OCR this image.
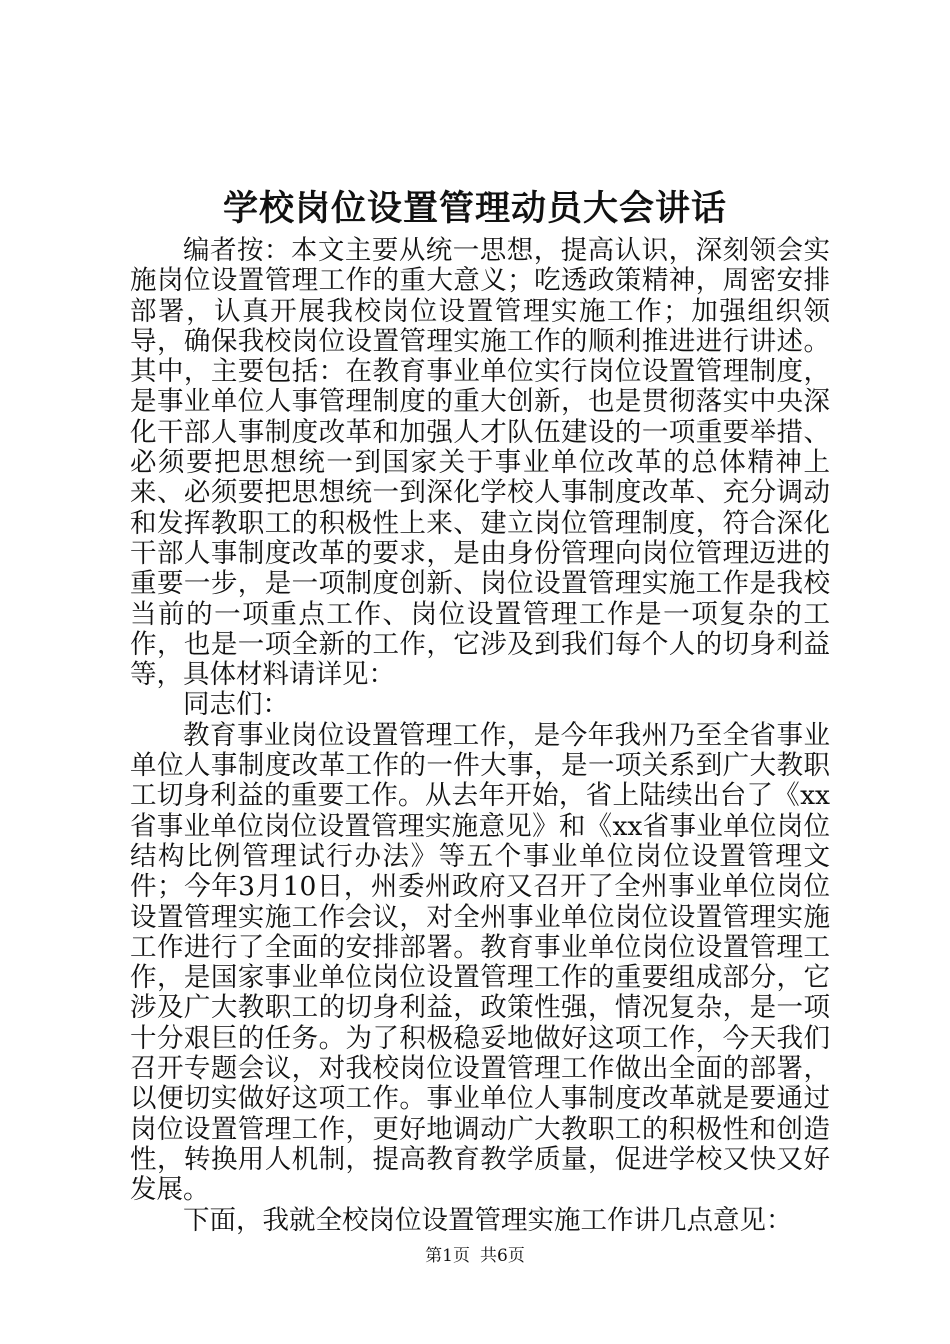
学校岗位设置管理动员大会讲话

编者按：本文主要从统一思想，提高认识，深刻领会实施岗位设置管理工作的重大意义；吃透政策精神，周密安排部署，认真开展我校岗位设置管理实施工作；加强组织领导，确保我校岗位设置管理实施工作的顺利推进进行讲述。其中，主要包括：在教育事业单位实行岗位设置管理制度，是事业单位人事管理制度的重大创新，也是贯彻落实中央深化干部人事制度改革和加强人才队伍建设的一项重要举措、必须要把思想统一到国家关于事业单位改革的总体精神上来、必须要把思想统一到深化学校人事制度改革、充分调动和发挥教职工的积极性上来、建立岗位管理制度，符合深化干部人事制度改革的要求，是由身份管理向岗位管理迈进的重要一步，是一项制度创新、岗位设置管理实施工作是我校当前的一项重点工作、岗位设置管理工作是一项复杂的工作，也是一项全新的工作，它涉及到我们每个人的切身利益等，具体材料请详见：

同志们：

教育事业岗位设置管理工作，是今年我州乃至全省事业单位人事制度改革工作的一件大事，是一项关系到广大教职工切身利益的重要工作。从去年开始，省上陆续出台了《xx省事业单位岗位设置管理实施意见》和《xx省事业单位岗位结构比例管理试行办法》等五个事业单位岗位设置管理文件；今年3月10日，州委州政府又召开了全州事业单位岗位设置管理实施工作会议，对全州事业单位岗位设置管理实施工作进行了全面的安排部署。教育事业单位岗位设置管理工作，是国家事业单位岗位设置管理工作的重要组成部分，它涉及广大教职工的切身利益，政策性强，情况复杂，是一项十分艰巨的任务。为了积极稳妥地做好这项工作，今天我们召开专题会议，对我校岗位设置管理工作做出全面的部署，以便切实做好这项工作。事业单位人事制度改革就是要通过岗位设置管理工作，更好地调动广大教职工的积极性和创造性，转换用人机制，提高教育教学质量，促进学校又快又好发展。

下面，我就全校岗位设置管理实施工作讲几点意见：

第1页 共6页
